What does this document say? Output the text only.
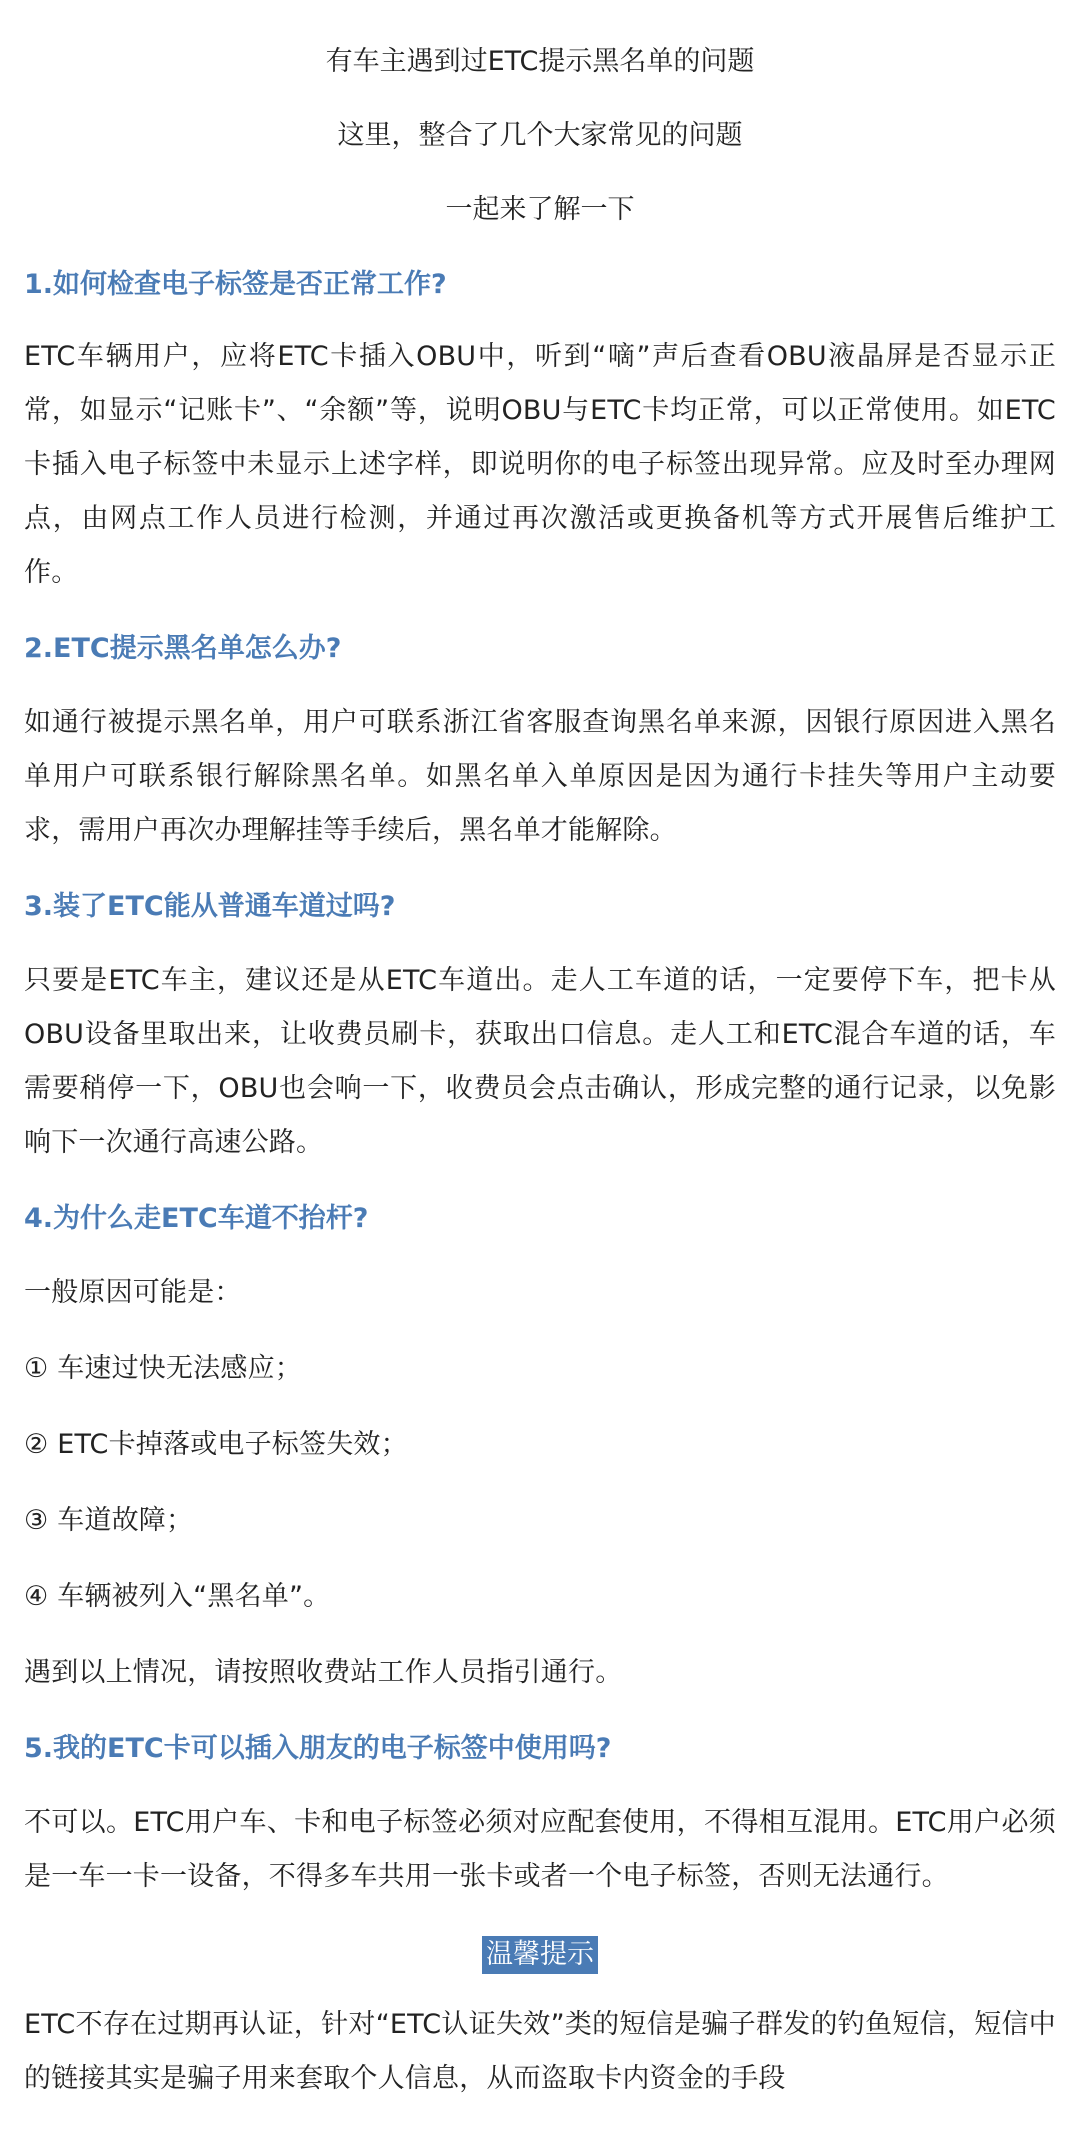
有车主遇到过ETC提示黑名单的问题

这里，整合了几个大家常见的问题

一起来了解一下

1.如何检查电子标签是否正常工作?

ETC车辆用户，应将ETC卡插入OBU中，听到“嘀”声后查看OBU液晶屏是否显示正常，如显示“记账卡”、“余额”等，说明OBU与ETC卡均正常，可以正常使用。如ETC卡插入电子标签中未显示上述字样，即说明你的电子标签出现异常。应及时至办理网点，由网点工作人员进行检测，并通过再次激活或更换备机等方式开展售后维护工作。

2.ETC提示黑名单怎么办?

如通行被提示黑名单，用户可联系浙江省客服查询黑名单来源，因银行原因进入黑名单用户可联系银行解除黑名单。如黑名单入单原因是因为通行卡挂失等用户主动要求，需用户再次办理解挂等手续后，黑名单才能解除。

3.装了ETC能从普通车道过吗?

只要是ETC车主，建议还是从ETC车道出。走人工车道的话，一定要停下车，把卡从OBU设备里取出来，让收费员刷卡，获取出口信息。走人工和ETC混合车道的话，车需要稍停一下，OBU也会响一下，收费员会点击确认，形成完整的通行记录，以免影响下一次通行高速公路。

4.为什么走ETC车道不抬杆?

一般原因可能是：

① 车速过快无法感应；

② ETC卡掉落或电子标签失效；

③ 车道故障；

④ 车辆被列入“黑名单”。

遇到以上情况，请按照收费站工作人员指引通行。

5.我的ETC卡可以插入朋友的电子标签中使用吗?

不可以。ETC用户车、卡和电子标签必须对应配套使用，不得相互混用。ETC用户必须是一车一卡一设备，不得多车共用一张卡或者一个电子标签，否则无法通行。

温馨提示

ETC不存在过期再认证，针对“ETC认证失效”类的短信是骗子群发的钓鱼短信，短信中的链接其实是骗子用来套取个人信息，从而盗取卡内资金的手段
